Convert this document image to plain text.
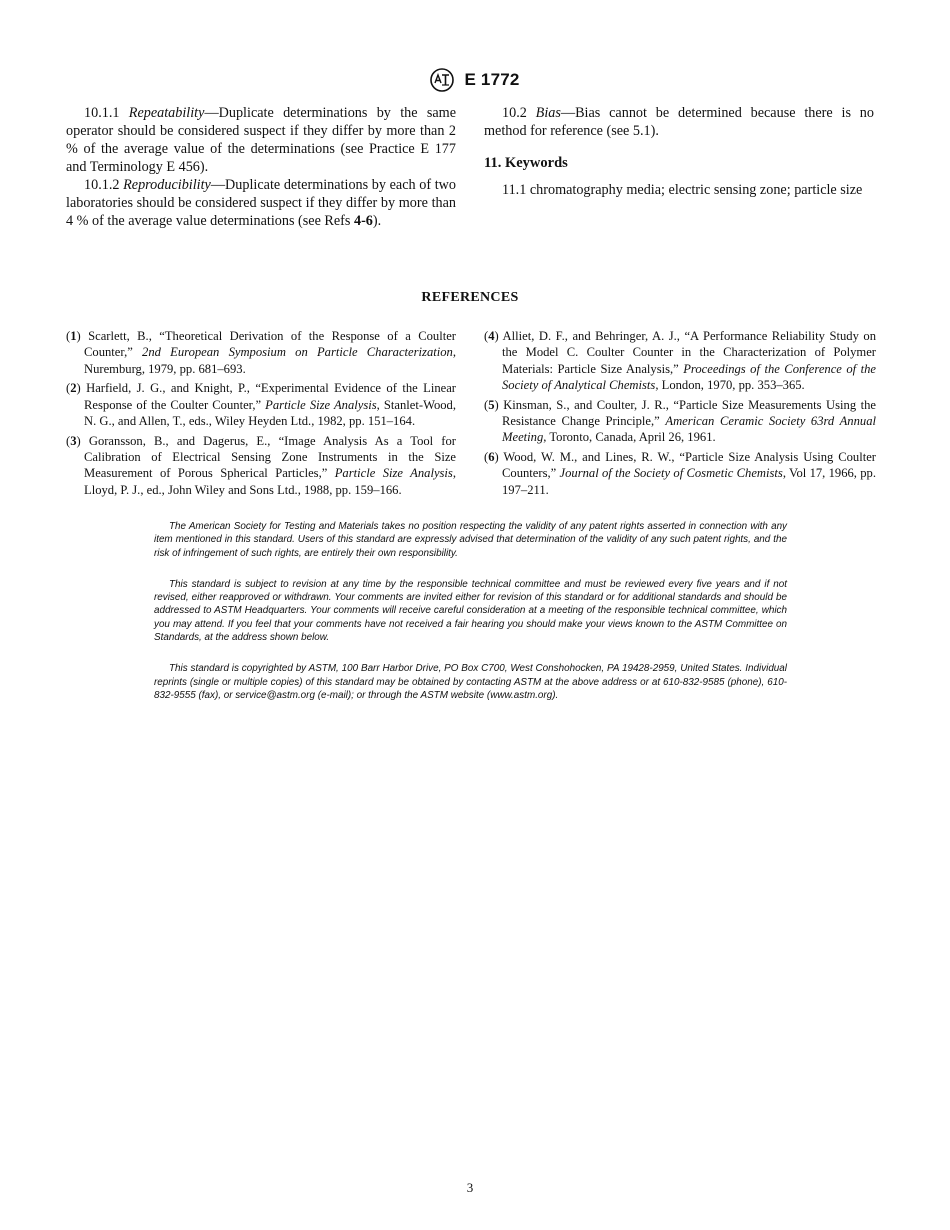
E 1772

10.1.1 Repeatability—Duplicate determinations by the same operator should be considered suspect if they differ by more than 2 % of the average value of the determinations (see Practice E 177 and Terminology E 456).

10.1.2 Reproducibility—Duplicate determinations by each of two laboratories should be considered suspect if they differ by more than 4 % of the average value determinations (see Refs 4-6).

10.2 Bias—Bias cannot be determined because there is no method for reference (see 5.1).

11. Keywords

11.1 chromatography media; electric sensing zone; particle size

REFERENCES
(1) Scarlett, B., “Theoretical Derivation of the Response of a Coulter Counter,” 2nd European Symposium on Particle Characterization, Nuremburg, 1979, pp. 681–693.
(2) Harfield, J. G., and Knight, P., “Experimental Evidence of the Linear Response of the Coulter Counter,” Particle Size Analysis, Stanlet-Wood, N. G., and Allen, T., eds., Wiley Heyden Ltd., 1982, pp. 151–164.
(3) Goransson, B., and Dagerus, E., “Image Analysis As a Tool for Calibration of Electrical Sensing Zone Instruments in the Size Measurement of Porous Spherical Particles,” Particle Size Analysis, Lloyd, P. J., ed., John Wiley and Sons Ltd., 1988, pp. 159–166.
(4) Alliet, D. F., and Behringer, A. J., “A Performance Reliability Study on the Model C. Coulter Counter in the Characterization of Polymer Materials: Particle Size Analysis,” Proceedings of the Conference of the Society of Analytical Chemists, London, 1970, pp. 353–365.
(5) Kinsman, S., and Coulter, J. R., “Particle Size Measurements Using the Resistance Change Principle,” American Ceramic Society 63rd Annual Meeting, Toronto, Canada, April 26, 1961.
(6) Wood, W. M., and Lines, R. W., “Particle Size Analysis Using Coulter Counters,” Journal of the Society of Cosmetic Chemists, Vol 17, 1966, pp. 197–211.

The American Society for Testing and Materials takes no position respecting the validity of any patent rights asserted in connection with any item mentioned in this standard. Users of this standard are expressly advised that determination of the validity of any such patent rights, and the risk of infringement of such rights, are entirely their own responsibility.

This standard is subject to revision at any time by the responsible technical committee and must be reviewed every five years and if not revised, either reapproved or withdrawn. Your comments are invited either for revision of this standard or for additional standards and should be addressed to ASTM Headquarters. Your comments will receive careful consideration at a meeting of the responsible technical committee, which you may attend. If you feel that your comments have not received a fair hearing you should make your views known to the ASTM Committee on Standards, at the address shown below.

This standard is copyrighted by ASTM, 100 Barr Harbor Drive, PO Box C700, West Conshohocken, PA 19428-2959, United States. Individual reprints (single or multiple copies) of this standard may be obtained by contacting ASTM at the above address or at 610-832-9585 (phone), 610-832-9555 (fax), or service@astm.org (e-mail); or through the ASTM website (www.astm.org).

3
